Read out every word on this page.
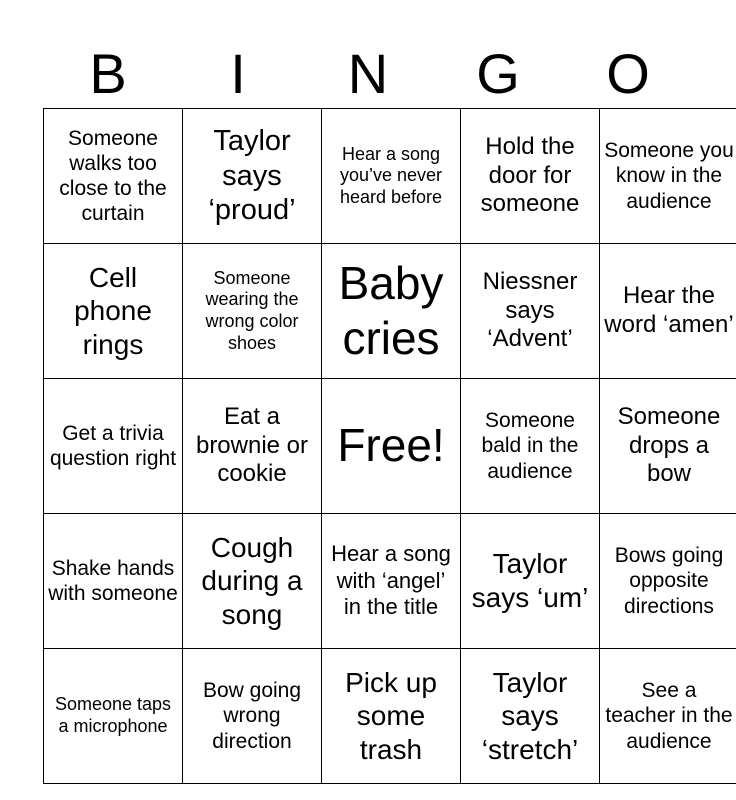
B	I	N	G	O
Someone walks too close to the curtain	Taylor says ‘proud’	Hear a song you’ve never heard before	Hold the door for someone	Someone you know in the audience
Cell phone rings	Someone wearing the wrong color shoes	Baby cries	Niessner says ‘Advent’	Hear the word ‘amen’
Get a trivia question right	Eat a brownie or cookie	Free!	Someone bald in the audience	Someone drops a bow
Shake hands with someone	Cough during a song	Hear a song with ‘angel’ in the title	Taylor says ‘um’	Bows going opposite directions
Someone taps a microphone	Bow going wrong direction	Pick up some trash	Taylor says ‘stretch’	See a teacher in the audience
